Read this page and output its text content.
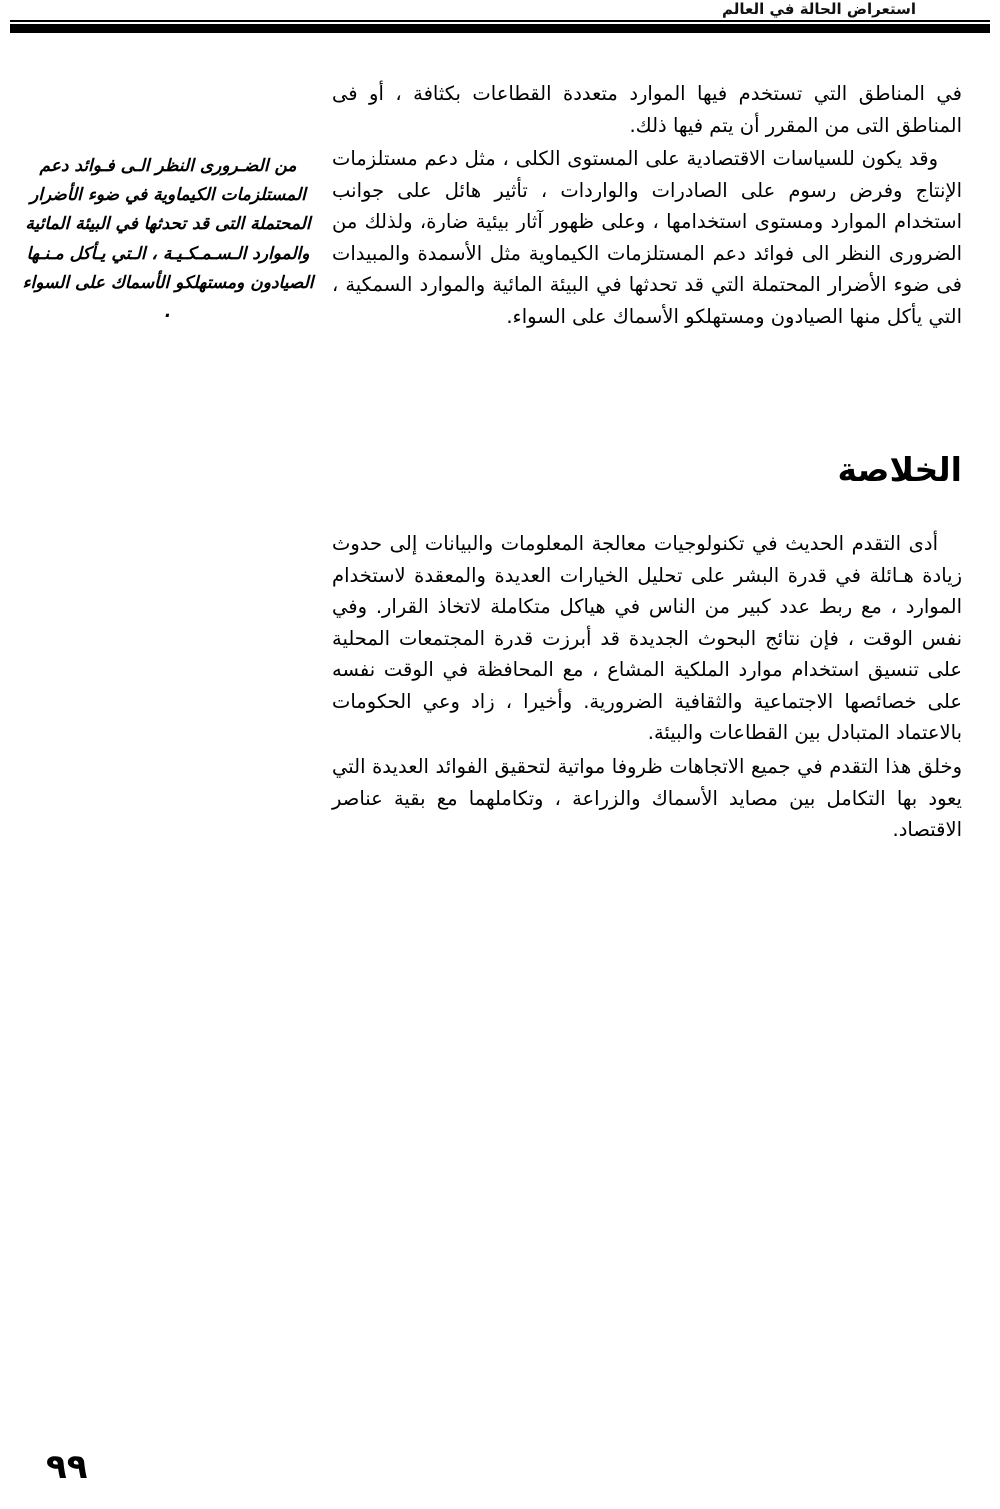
استعراض الحالة في العالم

في المناطق التي تستخدم فيها الموارد متعددة القطاعات بكثافة ، أو فى المناطق التى من المقرر أن يتم فيها ذلك.

وقد يكون للسياسات الاقتصادية على المستوى الكلى ، مثل دعم مستلزمات الإنتاج وفرض رسوم على الصادرات والواردات ، تأثير هائل على جوانب استخدام الموارد ومستوى استخدامها ، وعلى ظهور آثار بيئية ضارة، ولذلك من الضرورى النظر الى فوائد دعم المستلزمات الكيماوية مثل الأسمدة والمبيدات فى ضوء الأضرار المحتملة التي قد تحدثها في البيئة المائية والموارد السمكية ، التي يأكل منها الصيادون ومستهلكو الأسماك على السواء.

من الضـرورى النظر الـى فـوائد دعم المستلزمات الكيماوية في ضوء الأضرار المحتملة التى قد تحدثها في البيئة المائية والموارد الـسـمـكـيـة ، الـتي يـأكل مـنـها الصيادون ومستهلكو الأسماك على السواء .
الخلاصة

أدى التقدم الحديث في تكنولوجيات معالجة المعلومات والبيانات إلى حدوث زيادة هـائلة في قدرة البشر على تحليل الخيارات العديدة والمعقدة لاستخدام الموارد ، مع ربط عدد كبير من الناس في هياكل متكاملة لاتخاذ القرار. وفي نفس الوقت ، فإن نتائج البحوث الجديدة قد أبرزت قدرة المجتمعات المحلية على تنسيق استخدام موارد الملكية المشاع ، مع المحافظة في الوقت نفسه على خصائصها الاجتماعية والثقافية الضرورية. وأخيرا ، زاد وعي الحكومات بالاعتماد المتبادل بين القطاعات والبيئة.

وخلق هذا التقدم في جميع الاتجاهات ظروفا مواتية لتحقيق الفوائد العديدة التي يعود بها التكامل بين مصايد الأسماك والزراعة ، وتكاملهما مع بقية عناصر الاقتصاد.

٩٩
